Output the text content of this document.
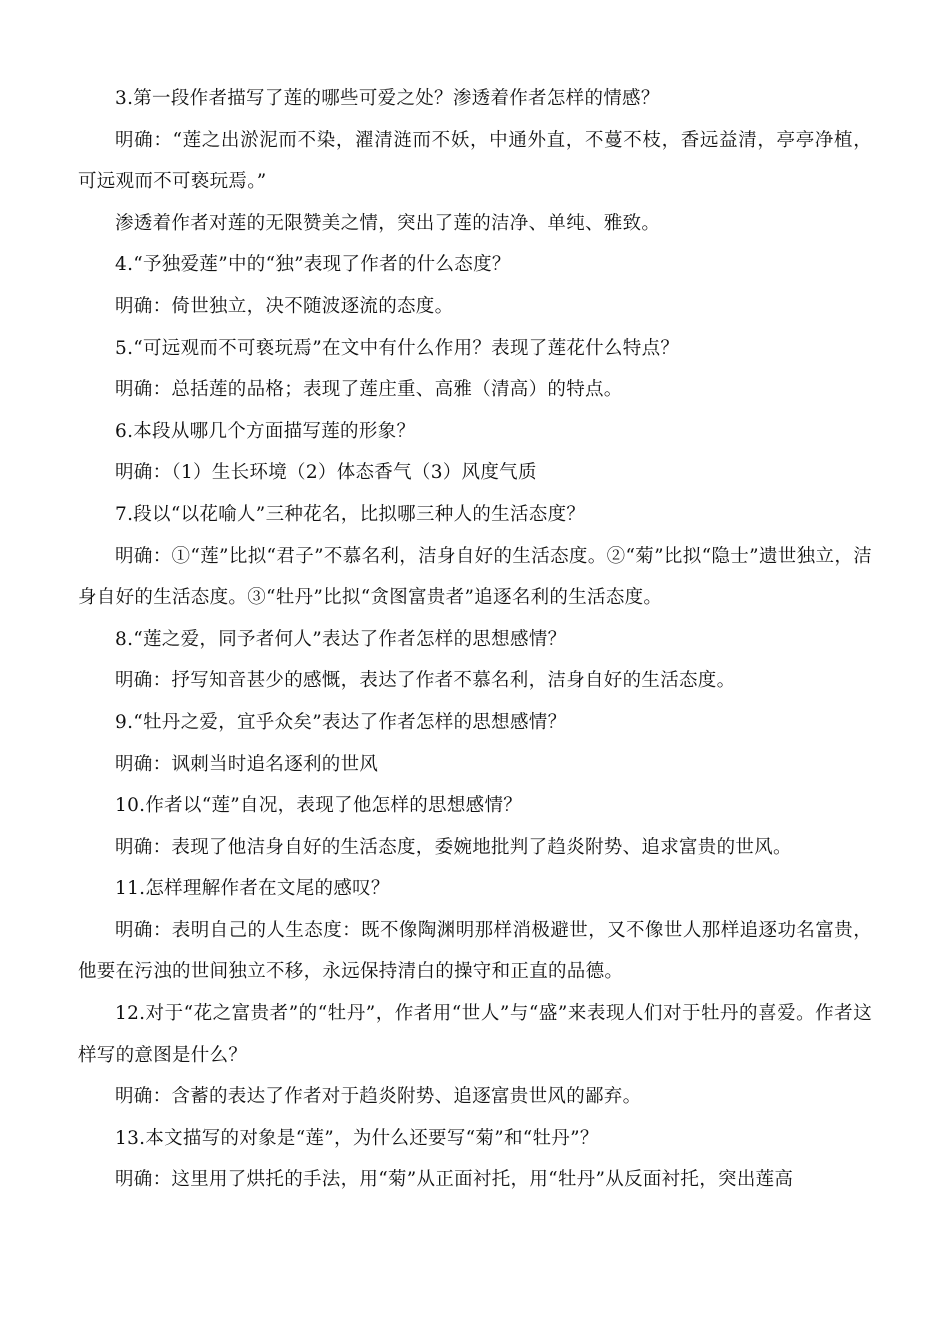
3.第一段作者描写了莲的哪些可爱之处？渗透着作者怎样的情感？

明确：“莲之出淤泥而不染，濯清涟而不妖，中通外直，不蔓不枝，香远益清，亭亭净植，可远观而不可亵玩焉。”

渗透着作者对莲的无限赞美之情，突出了莲的洁净、单纯、雅致。

4.“予独爱莲”中的“独”表现了作者的什么态度？

明确：倚世独立，决不随波逐流的态度。

5.“可远观而不可亵玩焉”在文中有什么作用？表现了莲花什么特点？

明确：总括莲的品格；表现了莲庄重、高雅（清高）的特点。

6.本段从哪几个方面描写莲的形象？

明确：（1）生长环境（2）体态香气（3）风度气质

7.段以“以花喻人”三种花名，比拟哪三种人的生活态度？

明确：①“莲”比拟“君子”不慕名利，洁身自好的生活态度。②“菊”比拟“隐士”遗世独立，洁身自好的生活态度。③“牡丹”比拟“贪图富贵者”追逐名利的生活态度。

8.“莲之爱，同予者何人”表达了作者怎样的思想感情？

明确：抒写知音甚少的感慨，表达了作者不慕名利，洁身自好的生活态度。

9.“牡丹之爱，宜乎众矣”表达了作者怎样的思想感情？

明确：讽刺当时追名逐利的世风

10.作者以“莲”自况，表现了他怎样的思想感情？

明确：表现了他洁身自好的生活态度，委婉地批判了趋炎附势、追求富贵的世风。

11.怎样理解作者在文尾的感叹？

明确：表明自己的人生态度：既不像陶渊明那样消极避世，又不像世人那样追逐功名富贵，他要在污浊的世间独立不移，永远保持清白的操守和正直的品德。

12.对于“花之富贵者”的“牡丹”，作者用“世人”与“盛”来表现人们对于牡丹的喜爱。作者这样写的意图是什么？

明确：含蓄的表达了作者对于趋炎附势、追逐富贵世风的鄙弃。

13.本文描写的对象是“莲”，为什么还要写“菊”和“牡丹”？

明确：这里用了烘托的手法，用“菊”从正面衬托，用“牡丹”从反面衬托，突出莲高
